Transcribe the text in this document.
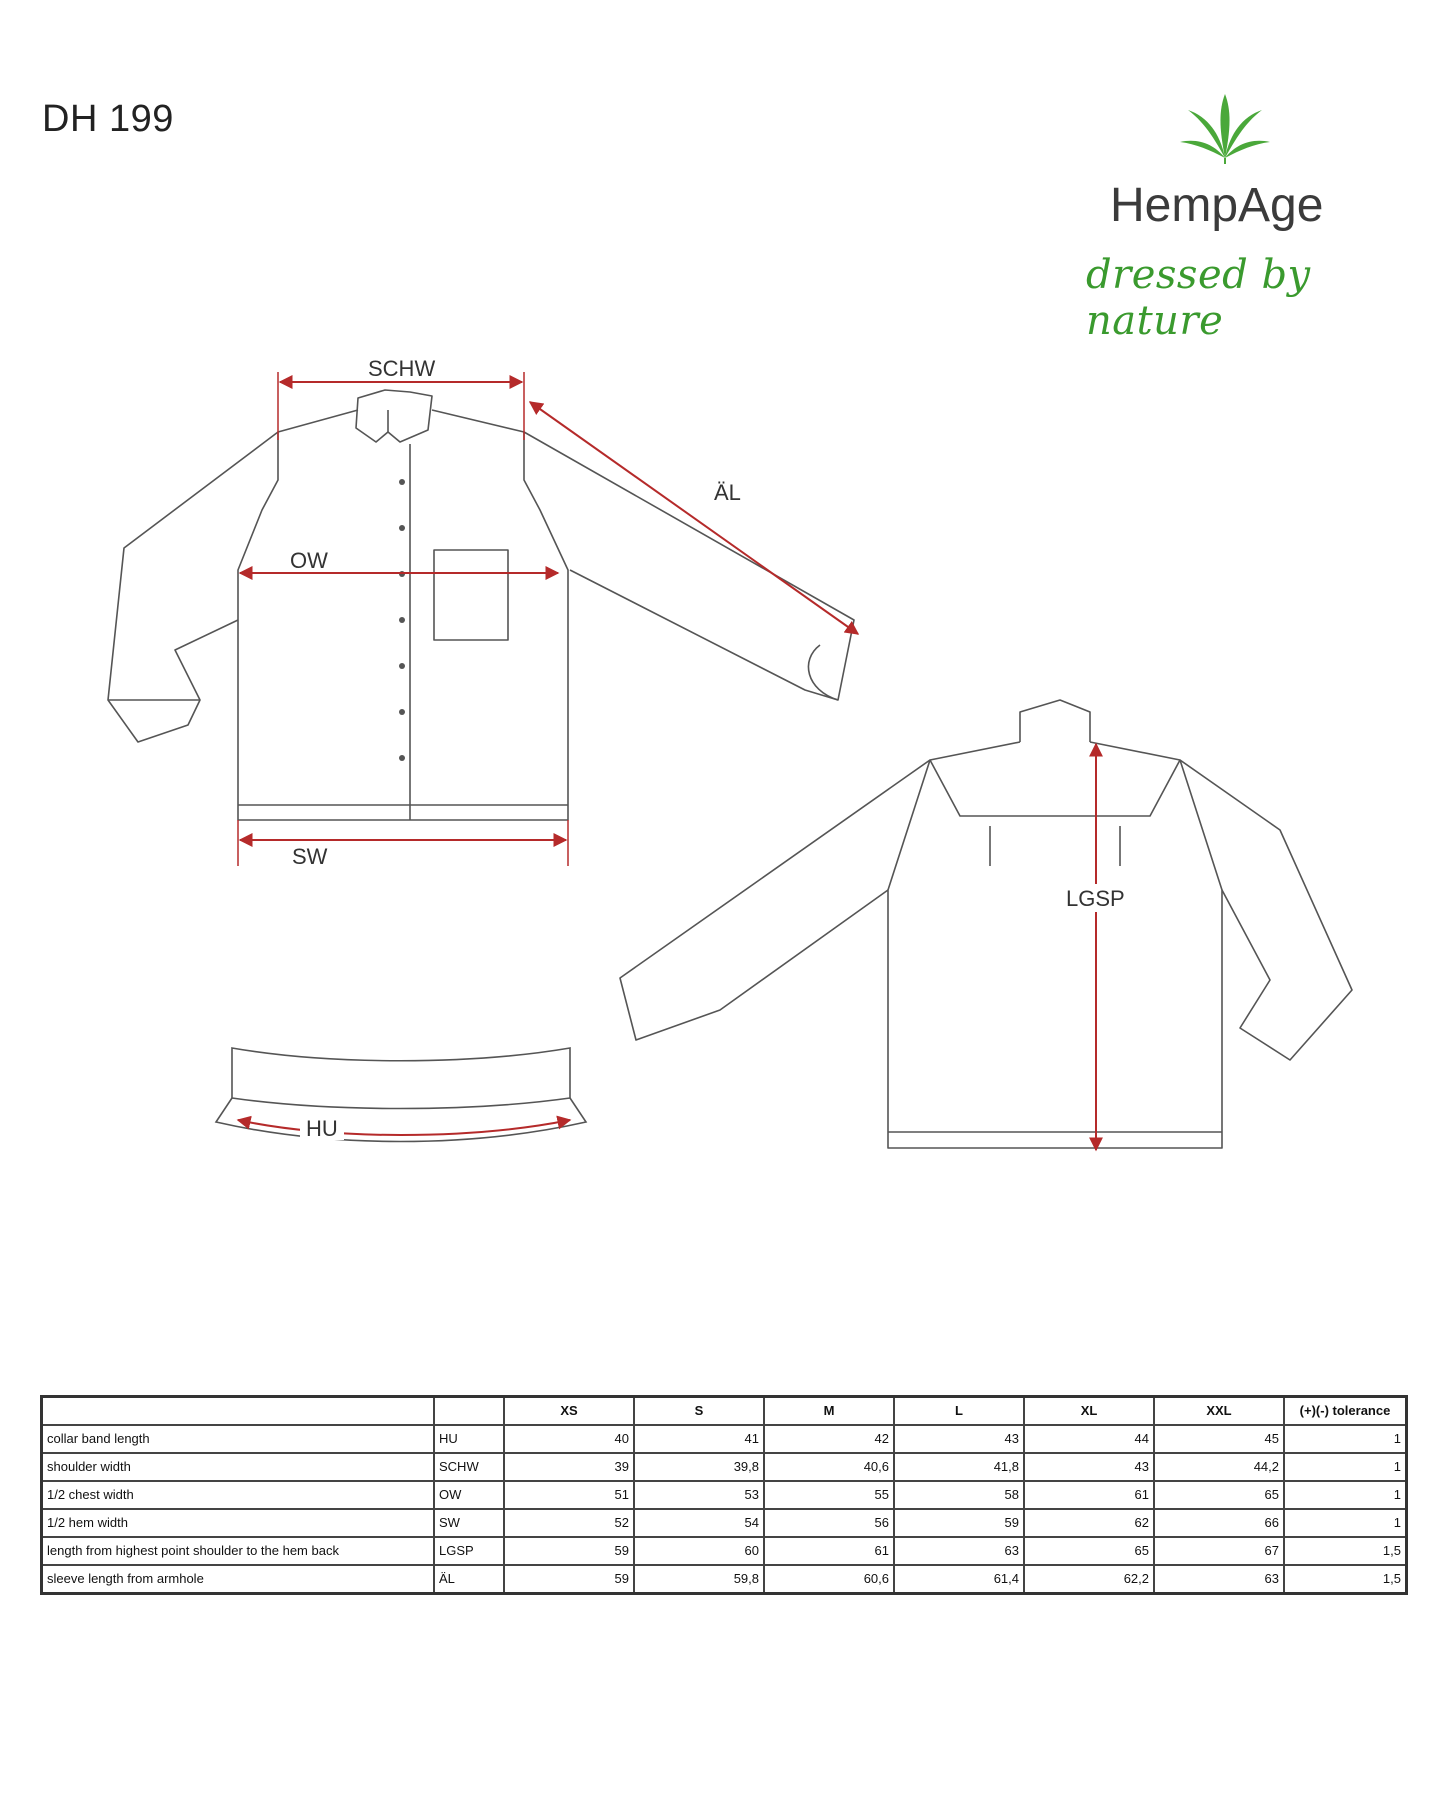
DH 199
HempAge
dressed by nature
SCHW
ÄL
OW
SW
HU
LGSP
		XS	S	M	L	XL	XXL	(+)(-) tolerance
collar band length	HU	40	41	42	43	44	45	1
shoulder width	SCHW	39	39,8	40,6	41,8	43	44,2	1
1/2 chest width	OW	51	53	55	58	61	65	1
1/2 hem width	SW	52	54	56	59	62	66	1
length from highest point shoulder to the hem back	LGSP	59	60	61	63	65	67	1,5
sleeve length from armhole	ÄL	59	59,8	60,6	61,4	62,2	63	1,5
